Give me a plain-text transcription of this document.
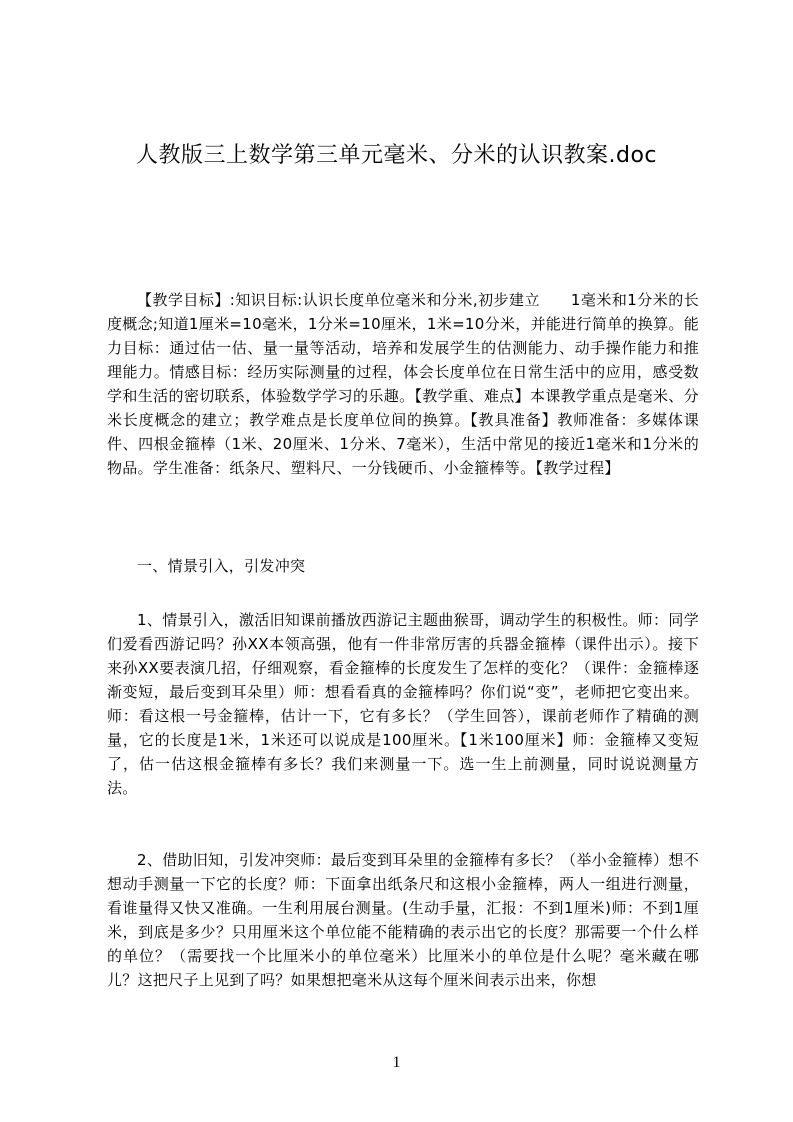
人教版三上数学第三单元毫米、分米的认识教案.doc
【教学目标】:知识目标:认识长度单位毫米和分米,初步建立　　1毫米和1分米的长度概念;知道1厘米=10毫米，1分米=10厘米，1米=10分米，并能进行简单的换算。能力目标：通过估一估、量一量等活动，培养和发展学生的估测能力、动手操作能力和推理能力。情感目标：经历实际测量的过程，体会长度单位在日常生活中的应用，感受数学和生活的密切联系，体验数学学习的乐趣。【教学重、难点】本课教学重点是毫米、分米长度概念的建立；教学难点是长度单位间的换算。【教具准备】教师准备：多媒体课件、四根金箍棒（1米、20厘米、1分米、7毫米），生活中常见的接近1毫米和1分米的物品。学生准备：纸条尺、塑料尺、一分钱硬币、小金箍棒等。【教学过程】
一、情景引入，引发冲突
1、情景引入，激活旧知课前播放西游记主题曲猴哥，调动学生的积极性。师：同学们爱看西游记吗？孙XX本领高强，他有一件非常厉害的兵器金箍棒（课件出示）。接下来孙XX要表演几招，仔细观察，看金箍棒的长度发生了怎样的变化？（课件：金箍棒逐渐变短，最后变到耳朵里）师：想看看真的金箍棒吗？你们说“变”，老师把它变出来。师：看这根一号金箍棒，估计一下，它有多长？（学生回答），课前老师作了精确的测量，它的长度是1米，1米还可以说成是100厘米。【1米100厘米】师：金箍棒又变短了，估一估这根金箍棒有多长？我们来测量一下。选一生上前测量，同时说说测量方法。
2、借助旧知，引发冲突师：最后变到耳朵里的金箍棒有多长？（举小金箍棒）想不想动手测量一下它的长度？师：下面拿出纸条尺和这根小金箍棒，两人一组进行测量，看谁量得又快又准确。一生利用展台测量。(生动手量，汇报：不到1厘米)师：不到1厘米，到底是多少？只用厘米这个单位能不能精确的表示出它的长度？那需要一个什么样的单位？（需要找一个比厘米小的单位毫米）比厘米小的单位是什么呢？毫米藏在哪儿？这把尺子上见到了吗？如果想把毫米从这每个厘米间表示出来，你想
1
